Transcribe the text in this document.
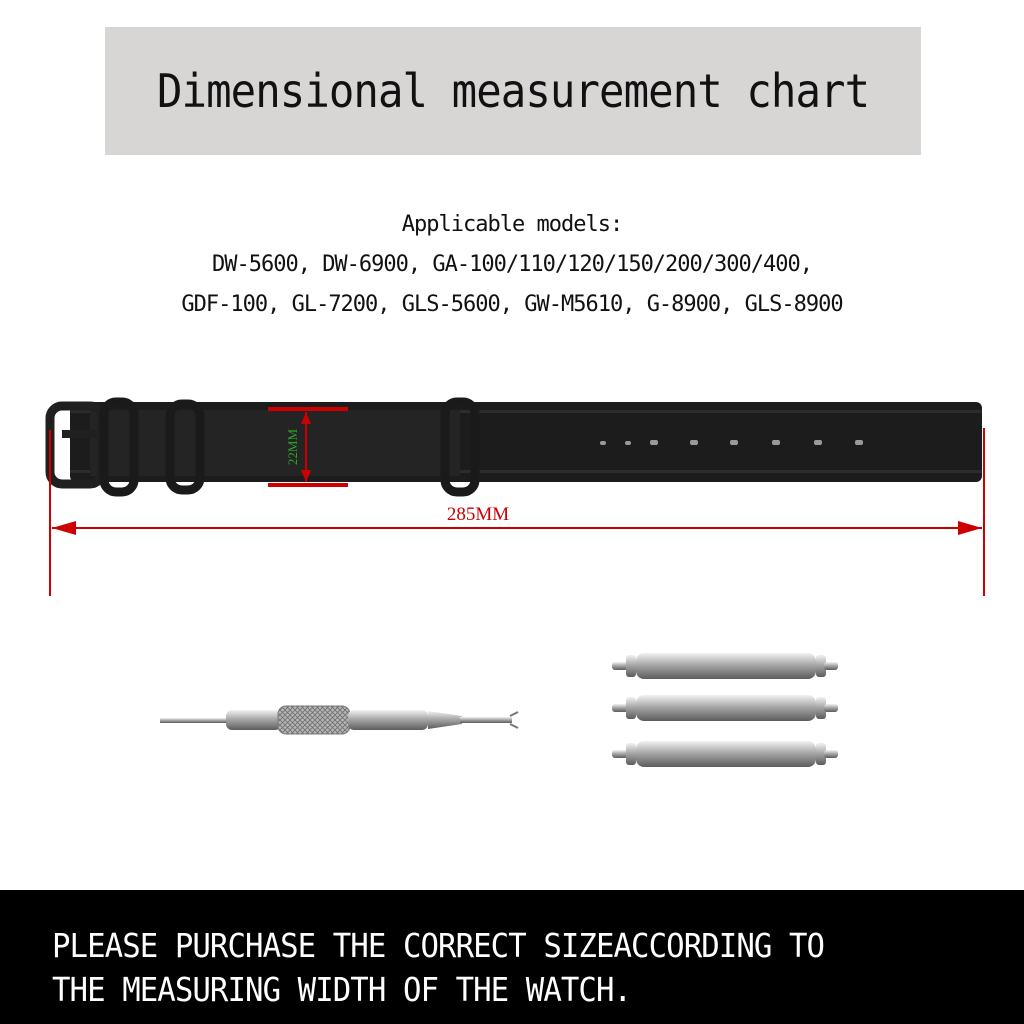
Dimensional measurement chart
Applicable models:
DW-5600, DW-6900, GA-100/110/120/150/200/300/400,
GDF-100, GL-7200, GLS-5600, GW-M5610, G-8900, GLS-8900
22MM
285MM
PLEASE PURCHASE THE CORRECT SIZEACCORDING TO
THE MEASURING WIDTH OF THE WATCH.
